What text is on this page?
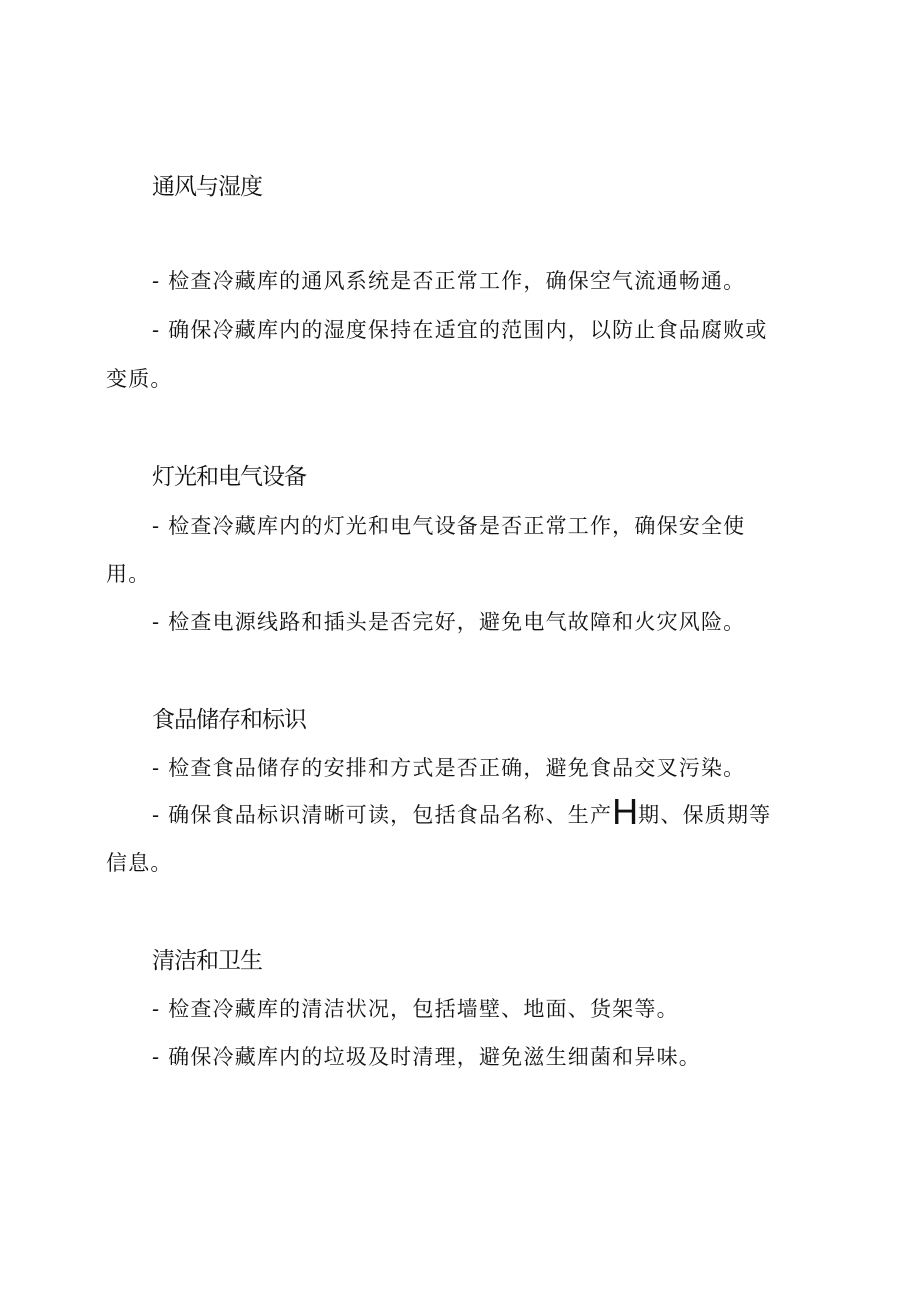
通风与湿度
- 检查冷藏库的通风系统是否正常工作，确保空气流通畅通。
- 确保冷藏库内的湿度保持在适宜的范围内，以防止食品腐败或
变质。
灯光和电气设备
- 检查冷藏库内的灯光和电气设备是否正常工作，确保安全使
用。
- 检查电源线路和插头是否完好，避免电气故障和火灾风险。
食品储存和标识
- 检查食品储存的安排和方式是否正确，避免食品交叉污染。
- 确保食品标识清晰可读，包括食品名称、生产H期、保质期等
信息。
清洁和卫生
- 检查冷藏库的清洁状况，包括墙壁、地面、货架等。
- 确保冷藏库内的垃圾及时清理，避免滋生细菌和异味。
